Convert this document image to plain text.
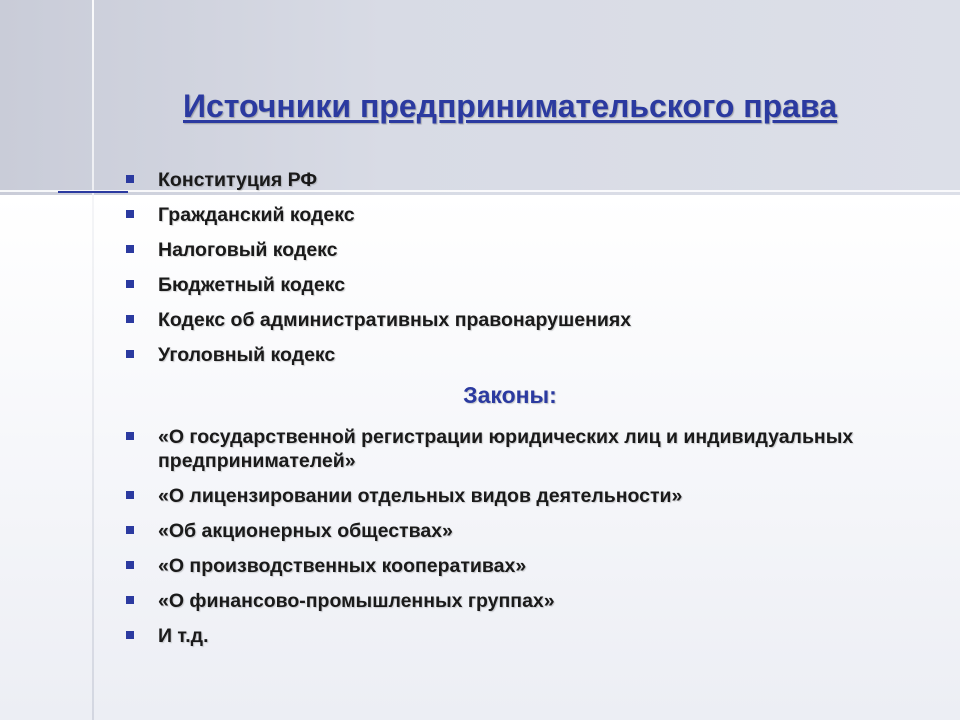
Источники предпринимательского права
Конституция РФ
Гражданский кодекс
Налоговый кодекс
Бюджетный кодекс
Кодекс об административных правонарушениях
Уголовный кодекс
Законы:
«О государственной регистрации юридических лиц и индивидуальных предпринимателей»
«О лицензировании отдельных видов деятельности»
«Об акционерных обществах»
«О производственных кооперативах»
«О финансово-промышленных группах»
И т.д.
